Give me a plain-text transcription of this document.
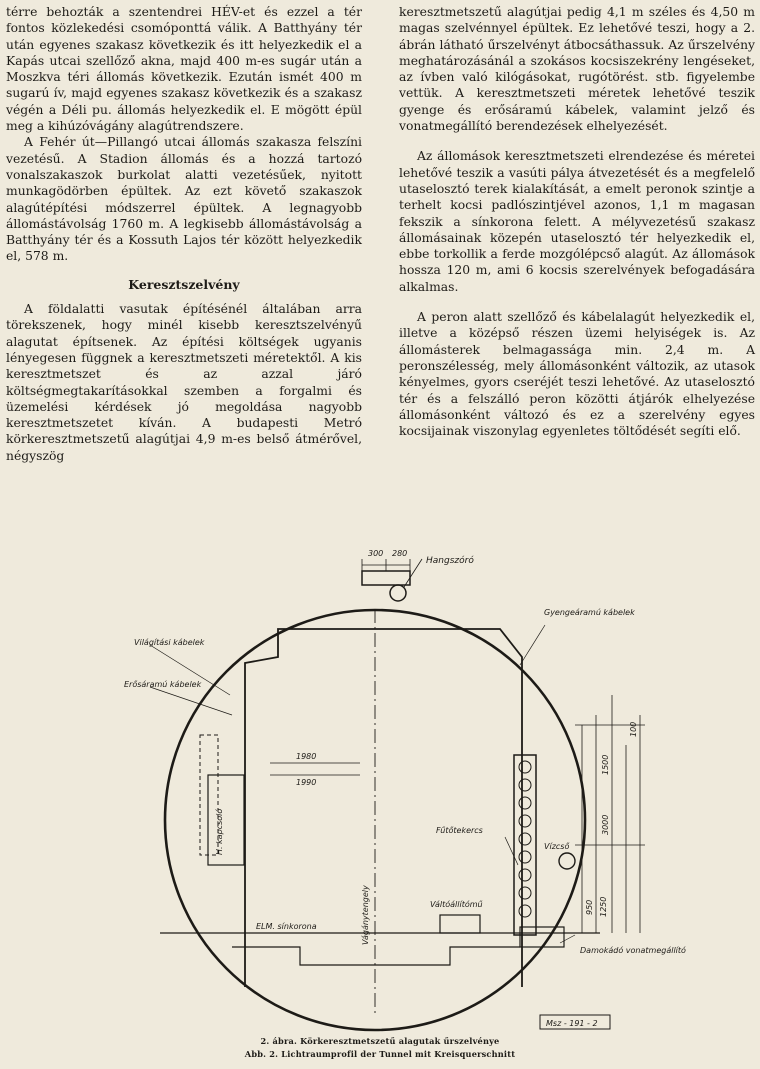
térre behozták a szentendrei HÉV-et és ezzel a tér fontos közlekedési csomóponttá válik. A Batthyány tér után egyenes szakasz következik és itt helyezkedik el a Kapás utcai szellőző akna, majd 400 m-es sugár után a Moszkva téri állomás következik. Ezután ismét 400 m sugarú ív, majd egyenes szakasz következik és a szakasz végén a Déli pu. állomás helyezkedik el. E mögött épül meg a kihúzóvágány alagútrendszere.

A Fehér út—Pillangó utcai állomás szakasza felszíni vezetésű. A Stadion állomás és a hozzá tartozó vonalszakaszok burkolat alatti vezetésűek, nyitott munkagödörben épültek. Az ezt követő szakaszok alagútépítési módszerrel épültek. A legnagyobb állomástávolság 1760 m. A legkisebb állomástávolság a Batthyány tér és a Kossuth Lajos tér között helyezkedik el, 578 m.

Keresztszelvény

A földalatti vasutak építésénél általában arra törekszenek, hogy minél kisebb keresztszelvényű alagutat építsenek. Az építési költségek ugyanis lényegesen függnek a keresztmetszeti méretektől. A kis keresztmetszet és az azzal járó költségmegtakarításokkal szemben a forgalmi és üzemelési kérdések jó megoldása nagyobb keresztmetszetet kíván. A budapesti Metró körkeresztmetszetű alagútjai 4,9 m-es belső átmérővel, négyszög

keresztmetszetű alagútjai pedig 4,1 m széles és 4,50 m magas szelvénnyel épültek. Ez lehetővé teszi, hogy a 2. ábrán látható űrszelvényt átbocsáthassuk. Az űrszelvény meghatározásánál a szokásos kocsiszekrény lengéseket, az ívben való kilógásokat, rugótörést. stb. figyelembe vettük. A keresztmetszeti méretek lehetővé teszik gyenge és erősáramú kábelek, valamint jelző és vonatmegállító berendezések elhelyezését.

Az állomások keresztmetszeti elrendezése és méretei lehetővé teszik a vasúti pálya átvezetését és a megfelelő utaselosztó terek kialakítását, a emelt peronok szintje a terhelt kocsi padlószintjével azonos, 1,1 m magasan fekszik a sínkorona felett. A mélyvezetésű szakasz állomásainak közepén utaselosztó tér helyezkedik el, ebbe torkollik a ferde mozgólépcső alagút. Az állomások hossza 120 m, ami 6 kocsis szerelvények befogadására alkalmas.

A peron alatt szellőző és kábelalagút helyezkedik el, illetve a középső részen üzemi helyiségek is. Az állomásterek belmagassága min. 2,4 m. A peronszélesség, mely állomásonként változik, az utasok kényelmes, gyors cseréjét teszi lehetővé. Az utaselosztó tér és a felszálló peron közötti átjárók elhelyezése állomásonként változó és ez a szerelvény egyes kocsijainak viszonylag egyenletes töltődését segíti elő.

Hangszóró
Gyengeáramú kábelek
Világítási kábelek
Erősáramú kábelek
H. kapcsoló	Fűtőtekercs
Vízcső
Váltóállítómű
Vágánytengely
ELM. sínkorona
Damokádó vonatmegállító
Msz - 191 - 2
300 280
1980
1990
100
1500
3000
950 1250
2. ábra. Körkeresztmetszetű alagutak űrszelvénye
Abb. 2. Lichtraumprofil der Tunnel mit Kreisquerschnitt
